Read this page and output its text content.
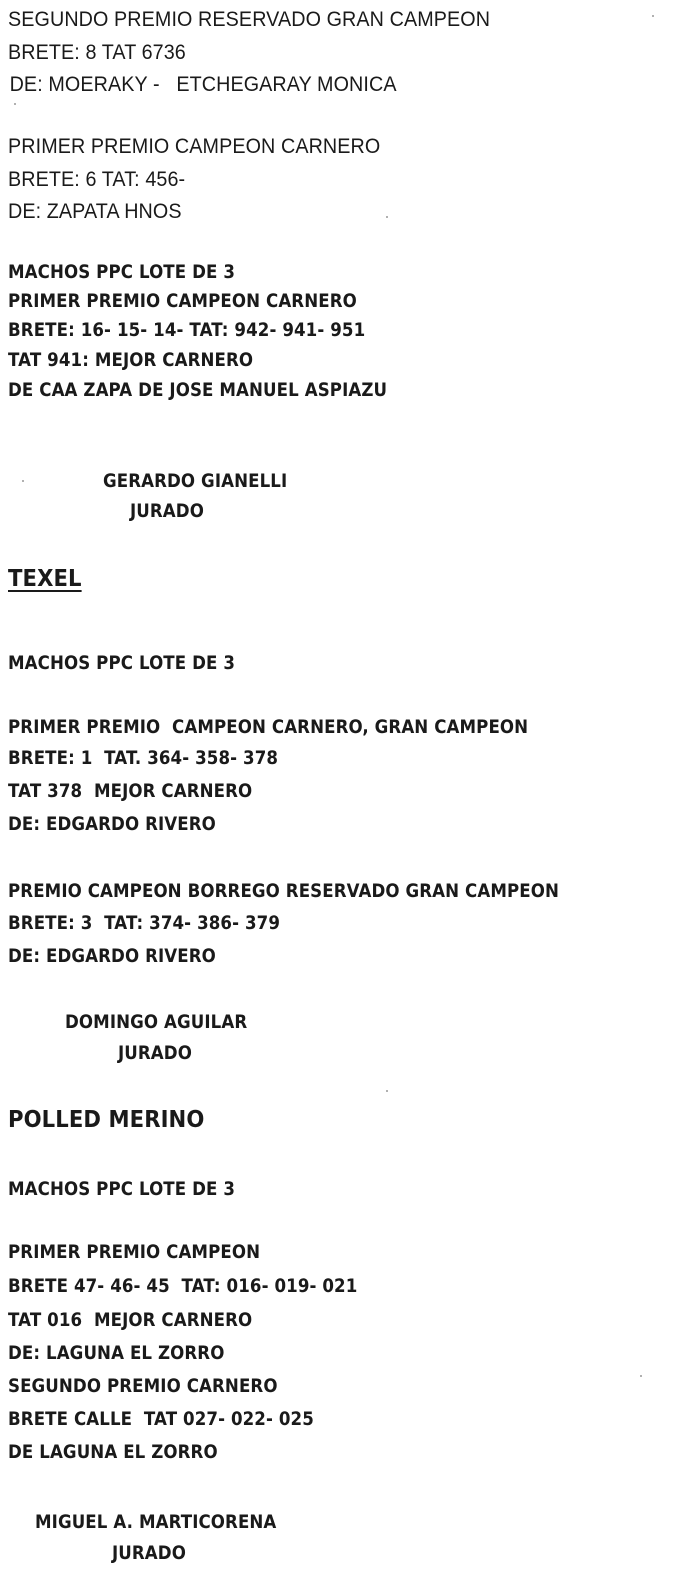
SEGUNDO PREMIO RESERVADO GRAN CAMPEON
BRETE: 8 TAT 6736
DE: MOERAKY -   ETCHEGARAY MONICA
PRIMER PREMIO CAMPEON CARNERO
BRETE: 6 TAT: 456-
DE: ZAPATA HNOS
MACHOS PPC LOTE DE 3
PRIMER PREMIO CAMPEON CARNERO
BRETE: 16- 15- 14- TAT: 942- 941- 951
TAT 941: MEJOR CARNERO
DE CAA ZAPA DE JOSE MANUEL ASPIAZU
GERARDO GIANELLI
JURADO
TEXEL
MACHOS PPC LOTE DE 3
PRIMER PREMIO  CAMPEON CARNERO, GRAN CAMPEON
BRETE: 1  TAT. 364- 358- 378
TAT 378  MEJOR CARNERO
DE: EDGARDO RIVERO
PREMIO CAMPEON BORREGO RESERVADO GRAN CAMPEON
BRETE: 3  TAT: 374- 386- 379
DE: EDGARDO RIVERO
DOMINGO AGUILAR
JURADO
POLLED MERINO
MACHOS PPC LOTE DE 3
PRIMER PREMIO CAMPEON
BRETE 47- 46- 45  TAT: 016- 019- 021
TAT 016  MEJOR CARNERO
DE: LAGUNA EL ZORRO
SEGUNDO PREMIO CARNERO
BRETE CALLE  TAT 027- 022- 025
DE LAGUNA EL ZORRO
MIGUEL A. MARTICORENA
JURADO
